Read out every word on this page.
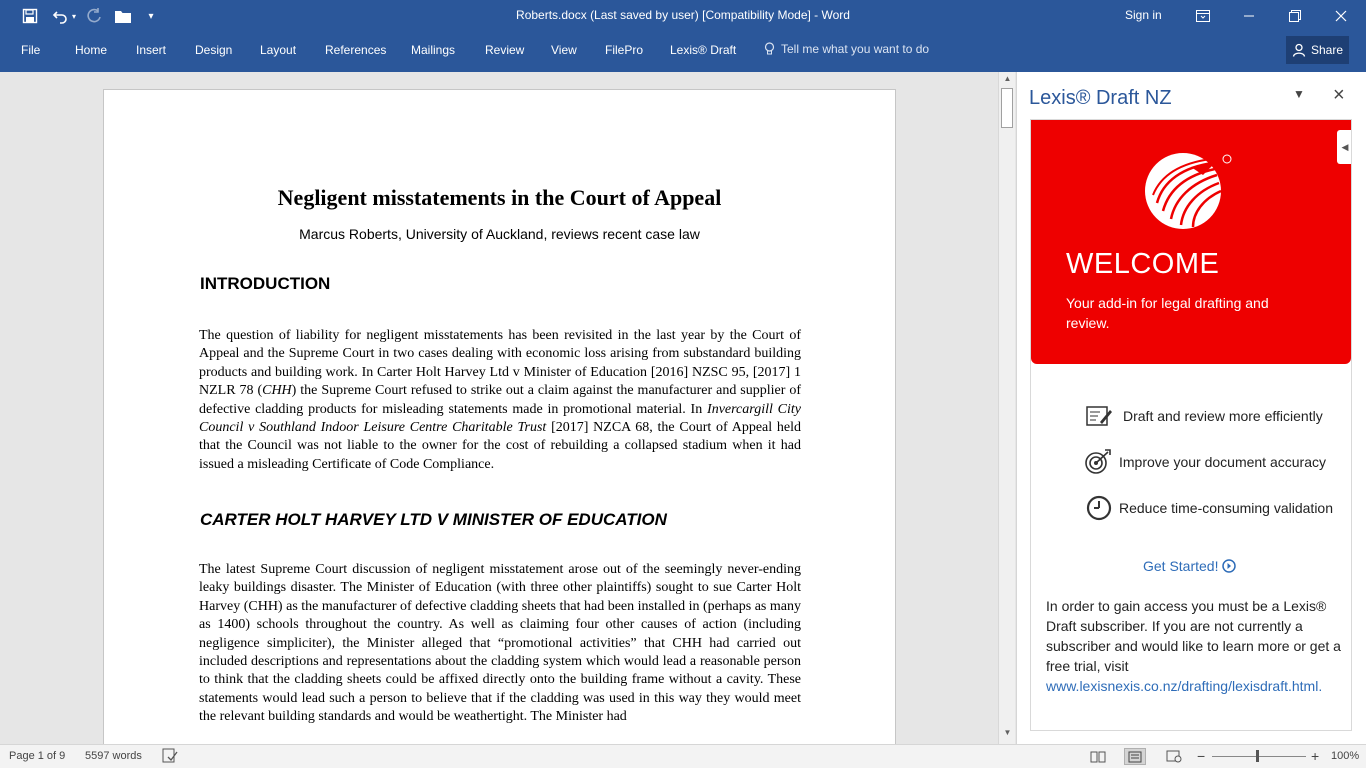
▾	▾	Roberts.docx (Last saved by user) [Compatibility Mode] - Word	Sign in
File	Home Insert Design Layout References Mailings Review View FilePro Lexis® Draft	Tell me what you want to do	Share
Negligent misstatements in the Court of Appeal
Marcus Roberts, University of Auckland, reviews recent case law
INTRODUCTION
The question of liability for negligent misstatements has been revisited in the last year by the Court of Appeal and the Supreme Court in two cases dealing with economic loss arising from substandard building products and building work. In Carter Holt Harvey Ltd v Minister of Education [2016] NZSC 95, [2017] 1 NZLR 78 (CHH) the Supreme Court refused to strike out a claim against the manufacturer and supplier of defective cladding products for misleading statements made in promotional material. In Invercargill City Council v Southland Indoor Leisure Centre Charitable Trust [2017] NZCA 68, the Court of Appeal held that the Council was not liable to the owner for the cost of rebuilding a collapsed stadium when it had issued a misleading Certificate of Code Compliance.
CARTER HOLT HARVEY LTD V MINISTER OF EDUCATION
The latest Supreme Court discussion of negligent misstatement arose out of the seemingly never-ending leaky buildings disaster. The Minister of Education (with three other plaintiffs) sought to sue Carter Holt Harvey (CHH) as the manufacturer of defective cladding sheets that had been installed in (perhaps as many as 1400) schools throughout the country. As well as claiming four other causes of action (including negligence simpliciter), the Minister alleged that “promotional activities” that CHH had carried out included descriptions and representations about the cladding system which would lead a reasonable person to think that the cladding sheets could be affixed directly onto the building frame without a cavity. These statements would lead such a person to believe that if the cladding was used in this way they would meet the relevant building standards and would be weathertight. The Minister had
▲
▼
Lexis® Draft NZ	▼ ×
◀
WELCOME
Your add-in for legal drafting and review.
Draft and review more efficiently
Improve your document accuracy
Reduce time-consuming validation
Get Started!
In order to gain access you must be a Lexis® Draft subscriber. If you are not currently a subscriber and would like to learn more or get a free trial, visit www.lexisnexis.co.nz/drafting/lexisdraft.html.
Page 1 of 9 5597 words	−	+ 100%
